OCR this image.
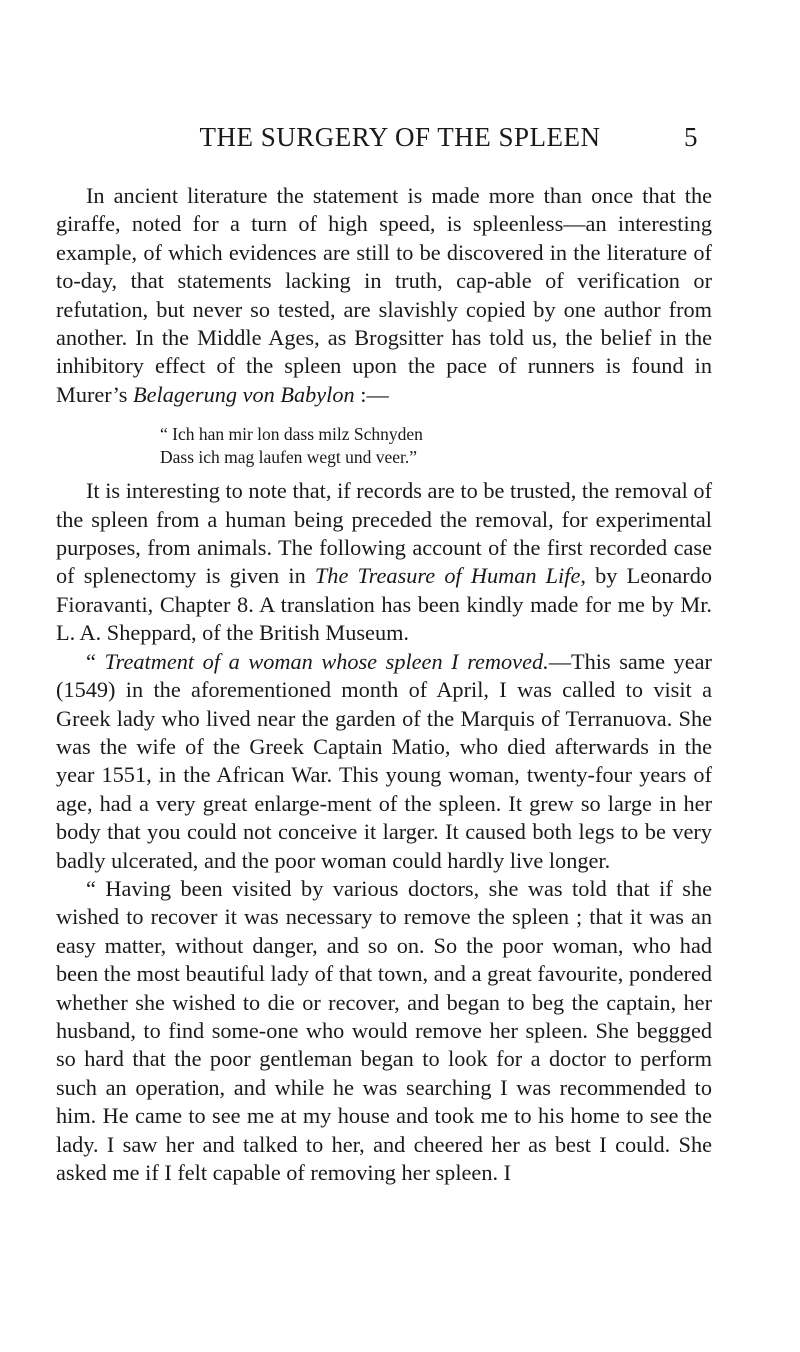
THE SURGERY OF THE SPLEEN	5

In ancient literature the statement is made more than once that the giraffe, noted for a turn of high speed, is spleenless—an interesting example, of which evidences are still to be discovered in the literature of to-day, that statements lacking in truth, cap-able of verification or refutation, but never so tested, are slavishly copied by one author from another. In the Middle Ages, as Brogsitter has told us, the belief in the inhibitory effect of the spleen upon the pace of runners is found in Murer’s Belagerung von Babylon :—

“ Ich han mir lon dass milz Schnyden
Dass ich mag laufen wegt und veer.”

It is interesting to note that, if records are to be trusted, the removal of the spleen from a human being preceded the removal, for experimental purposes, from animals. The following account of the first recorded case of splenectomy is given in The Treasure of Human Life, by Leonardo Fioravanti, Chapter 8. A translation has been kindly made for me by Mr. L. A. Sheppard, of the British Museum.

“ Treatment of a woman whose spleen I removed.—This same year (1549) in the aforementioned month of April, I was called to visit a Greek lady who lived near the garden of the Marquis of Terranuova. She was the wife of the Greek Captain Matio, who died afterwards in the year 1551, in the African War. This young woman, twenty-four years of age, had a very great enlarge-ment of the spleen. It grew so large in her body that you could not conceive it larger. It caused both legs to be very badly ulcerated, and the poor woman could hardly live longer.

“ Having been visited by various doctors, she was told that if she wished to recover it was necessary to remove the spleen ; that it was an easy matter, without danger, and so on. So the poor woman, who had been the most beautiful lady of that town, and a great favourite, pondered whether she wished to die or recover, and began to beg the captain, her husband, to find some-one who would remove her spleen. She beggged so hard that the poor gentleman began to look for a doctor to perform such an operation, and while he was searching I was recommended to him. He came to see me at my house and took me to his home to see the lady. I saw her and talked to her, and cheered her as best I could. She asked me if I felt capable of removing her spleen. I
